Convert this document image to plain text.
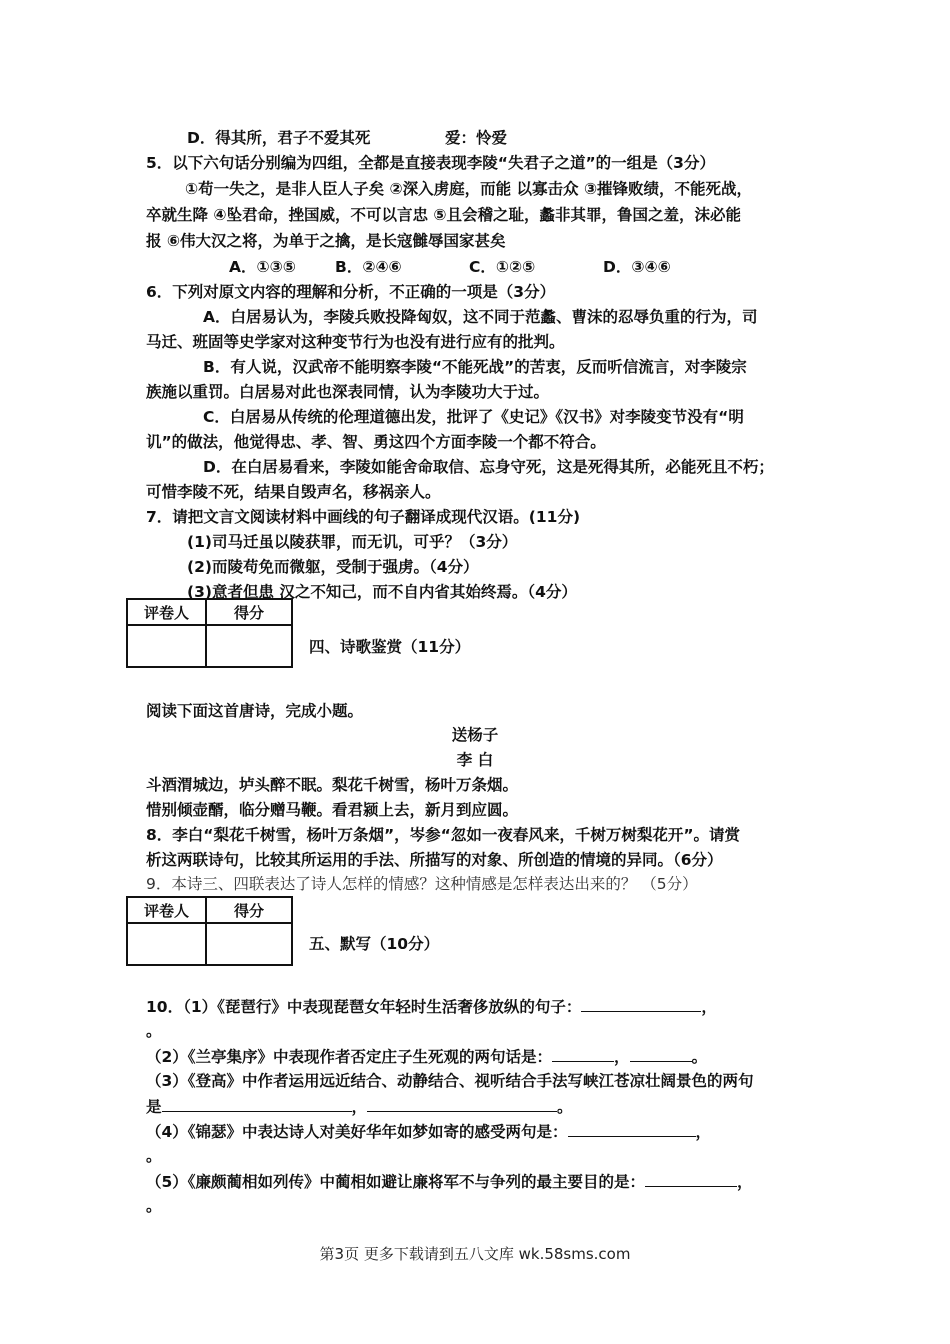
D．得其所，君子不爱其死	爱：怜爱
5．以下六句话分别编为四组，全都是直接表现李陵“失君子之道”的一组是（3分）
①苟一失之，是非人臣人子矣 ②深入虏庭，而能 以寡击众 ③摧锋败绩，不能死战，
卒就生降 ④坠君命，挫国威，不可以言忠 ⑤且会稽之耻，蠡非其罪，鲁国之羞，沫必能
报 ⑥伟大汉之将，为单于之擒，是长寇雠辱国家甚矣
A．①③⑤	B．②④⑥	C．①②⑤	D．③④⑥
6．下列对原文内容的理解和分析，不正确的一项是（3分）
A．白居易认为，李陵兵败投降匈奴，这不同于范蠡、曹沫的忍辱负重的行为，司
马迁、班固等史学家对这种变节行为也没有进行应有的批判。
B．有人说，汉武帝不能明察李陵“不能死战”的苦衷，反而听信流言，对李陵宗
族施以重罚。白居易对此也深表同情，认为李陵功大于过。
C．白居易从传统的伦理道德出发，批评了《史记》《汉书》对李陵变节没有“明
讥”的做法，他觉得忠、孝、智、勇这四个方面李陵一个都不符合。
D．在白居易看来，李陵如能舍命取信、忘身守死，这是死得其所，必能死且不朽；
可惜李陵不死，结果自毁声名，移祸亲人。
7．请把文言文阅读材料中画线的句子翻译成现代汉语。(11分)
(1)司马迁虽以陵获罪，而无讥，可乎？（3分）
(2)而陵苟免而微躯，受制于强虏。（4分）
(3)意者但患 汉之不知己，而不自内省其始终焉。（4分）
评卷人	得分

四、诗歌鉴赏（11分）
阅读下面这首唐诗，完成小题。
送杨子
李 白
斗酒渭城边，垆头醉不眠。梨花千树雪，杨叶万条烟。
惜别倾壶醑，临分赠马鞭。看君颍上去，新月到应圆。
8．李白“梨花千树雪，杨叶万条烟”，岑参“忽如一夜春风来，千树万树梨花开”。请赏
析这两联诗句，比较其所运用的手法、所描写的对象、所创造的情境的异同。（6分）
9．本诗三、四联表达了诗人怎样的情感？这种情感是怎样表达出来的？ （5分）
评卷人	得分

五、默写（10分）
10．（1）《琵琶行》中表现琵琶女年轻时生活奢侈放纵的句子：	，
。
（2）《兰亭集序》中表现作者否定庄子生死观的两句话是：	，	。
（3）《登高》中作者运用远近结合、动静结合、视听结合手法写峡江苍凉壮阔景色的两句
是	，	。
（4）《锦瑟》中表达诗人对美好华年如梦如寄的感受两句是：	，
。
（5）《廉颇蔺相如列传》中蔺相如避让廉将军不与争列的最主要目的是：	，
。
第3页 更多下载请到五八文库 wk.58sms.com
